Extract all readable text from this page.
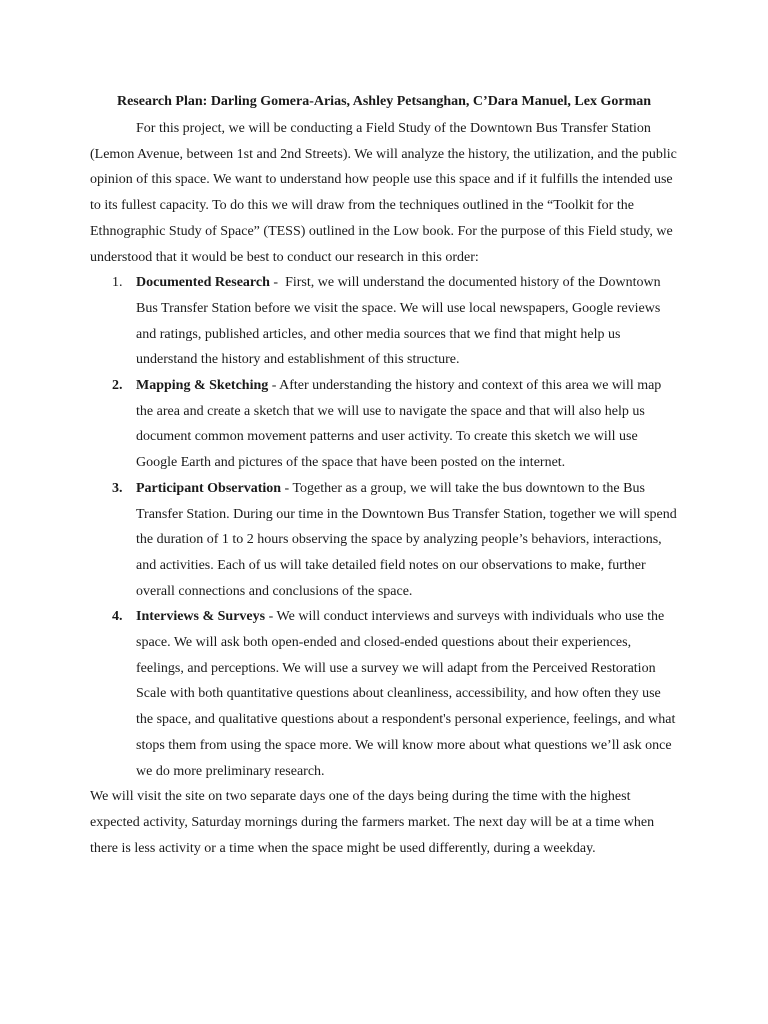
Research Plan: Darling Gomera-Arias, Ashley Petsanghan, C’Dara Manuel, Lex Gorman

For this project, we will be conducting a Field Study of the Downtown Bus Transfer Station (Lemon Avenue, between 1st and 2nd Streets). We will analyze the history, the utilization, and the public opinion of this space. We want to understand how people use this space and if it fulfills the intended use to its fullest capacity. To do this we will draw from the techniques outlined in the “Toolkit for the Ethnographic Study of Space” (TESS) outlined in the Low book. For the purpose of this Field study, we understood that it would be best to conduct our research in this order:

1. Documented Research -  First, we will understand the documented history of the Downtown Bus Transfer Station before we visit the space. We will use local newspapers, Google reviews and ratings, published articles, and other media sources that we find that might help us understand the history and establishment of this structure.
2. Mapping & Sketching - After understanding the history and context of this area we will map the area and create a sketch that we will use to navigate the space and that will also help us document common movement patterns and user activity. To create this sketch we will use Google Earth and pictures of the space that have been posted on the internet.
3. Participant Observation - Together as a group, we will take the bus downtown to the Bus Transfer Station. During our time in the Downtown Bus Transfer Station, together we will spend the duration of 1 to 2 hours observing the space by analyzing people’s behaviors, interactions, and activities. Each of us will take detailed field notes on our observations to make, further overall connections and conclusions of the space.
4. Interviews & Surveys - We will conduct interviews and surveys with individuals who use the space. We will ask both open-ended and closed-ended questions about their experiences, feelings, and perceptions. We will use a survey we will adapt from the Perceived Restoration Scale with both quantitative questions about cleanliness, accessibility, and how often they use the space, and qualitative questions about a respondent's personal experience, feelings, and what stops them from using the space more. We will know more about what questions we’ll ask once we do more preliminary research.

We will visit the site on two separate days one of the days being during the time with the highest expected activity, Saturday mornings during the farmers market. The next day will be at a time when there is less activity or a time when the space might be used differently, during a weekday.
